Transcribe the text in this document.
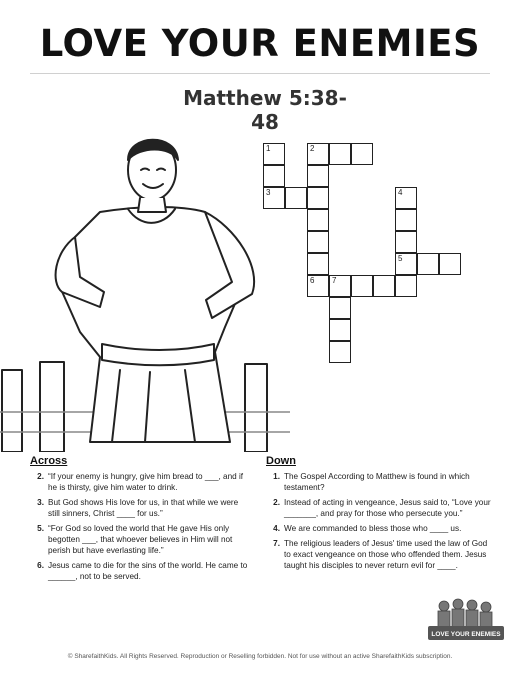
LOVE YOUR ENEMIES
Matthew 5:38-48
1
3
2
6 7
4
5
Across
2. “If your enemy is hungry, give him bread to ___, and if he is thirsty, give him water to drink.
3. But God shows His love for us, in that while we were still sinners, Christ ____ for us.”
5. “For God so loved the world that He gave His only begotten ___, that whoever believes in Him will not perish but have everlasting life.”
6. Jesus came to die for the sins of the world. He came to ______, not to be served.
Down
1. The Gospel According to Matthew is found in which testament?
2. Instead of acting in vengeance, Jesus said to, “Love your _______, and pray for those who persecute you.”
4. We are commanded to bless those who ____ us.
7. The religious leaders of Jesus' time used the law of God to exact vengeance on those who offended them. Jesus taught his disciples to never return evil for ____.
LOVE YOUR ENEMIES
© SharefaithKids. All Rights Reserved. Reproduction or Reselling forbidden. Not for use without an active SharefaithKids subscription.
